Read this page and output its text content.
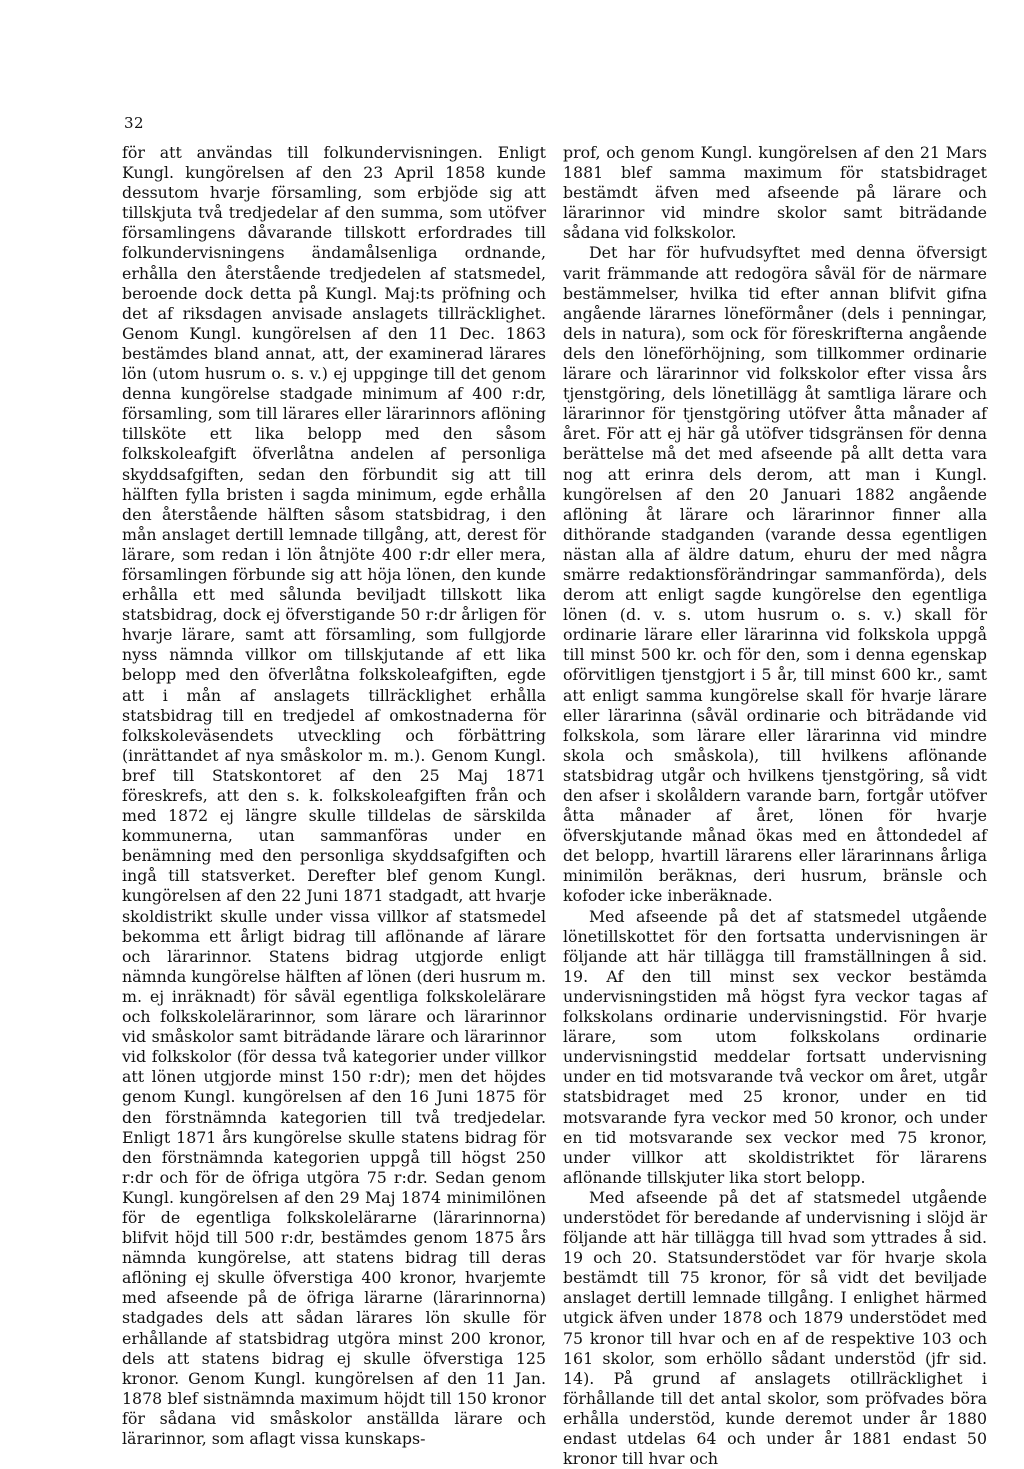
32

för att användas till folkundervisningen. Enligt Kungl. kungörelsen af den 23 April 1858 kunde dessutom hvarje församling, som erbjöde sig att tillskjuta två tredjedelar af den summa, som utöfver församlingens dåvarande tillskott erfordrades till folkundervisningens ändamålsenliga ordnande, erhålla den återstående tredjedelen af statsmedel, beroende dock detta på Kungl. Maj:ts pröfning och det af riksdagen anvisade anslagets tillräcklighet. Genom Kungl. kungörelsen af den 11 Dec. 1863 bestämdes bland annat, att, der examinerad lärares lön (utom husrum o. s. v.) ej uppginge till det genom denna kungörelse stadgade minimum af 400 r:dr, församling, som till lärares eller lärarinnors aflöning tillsköte ett lika belopp med den såsom folkskoleafgift öfverlåtna andelen af personliga skyddsafgiften, sedan den förbundit sig att till hälften fylla bristen i sagda minimum, egde erhålla den återstående hälften såsom statsbidrag, i den mån anslaget dertill lemnade tillgång, att, derest för lärare, som redan i lön åtnjöte 400 r:dr eller mera, församlingen förbunde sig att höja lönen, den kunde erhålla ett med sålunda beviljadt tillskott lika statsbidrag, dock ej öfverstigande 50 r:dr årligen för hvarje lärare, samt att församling, som fullgjorde nyss nämnda villkor om tillskjutande af ett lika belopp med den öfverlåtna folkskoleafgiften, egde att i mån af anslagets tillräcklighet erhålla statsbidrag till en tredjedel af omkostnaderna för folkskoleväsendets utveckling och förbättring (inrättandet af nya småskolor m. m.). Genom Kungl. bref till Statskontoret af den 25 Maj 1871 föreskrefs, att den s. k. folkskoleafgiften från och med 1872 ej längre skulle tilldelas de särskilda kommunerna, utan sammanföras under en benämning med den personliga skyddsafgiften och ingå till statsverket. Derefter blef genom Kungl. kungörelsen af den 22 Juni 1871 stadgadt, att hvarje skoldistrikt skulle under vissa villkor af statsmedel bekomma ett årligt bidrag till aflönande af lärare och lärarinnor. Statens bidrag utgjorde enligt nämnda kungörelse hälften af lönen (deri husrum m. m. ej inräknadt) för såväl egentliga folkskolelärare och folkskolelärarinnor, som lärare och lärarinnor vid småskolor samt biträdande lärare och lärarinnor vid folkskolor (för dessa två kategorier under villkor att lönen utgjorde minst 150 r:dr); men det höjdes genom Kungl. kungörelsen af den 16 Juni 1875 för den förstnämnda kategorien till två tredjedelar. Enligt 1871 års kungörelse skulle statens bidrag för den förstnämnda kategorien uppgå till högst 250 r:dr och för de öfriga utgöra 75 r:dr. Sedan genom Kungl. kungörelsen af den 29 Maj 1874 minimilönen för de egentliga folkskolelärarne (lärarinnorna) blifvit höjd till 500 r:dr, bestämdes genom 1875 års nämnda kungörelse, att statens bidrag till deras aflöning ej skulle öfverstiga 400 kronor, hvarjemte med afseende på de öfriga lärarne (lärarinnorna) stadgades dels att sådan lärares lön skulle för erhållande af statsbidrag utgöra minst 200 kronor, dels att statens bidrag ej skulle öfverstiga 125 kronor. Genom Kungl. kungörelsen af den 11 Jan. 1878 blef sistnämnda maximum höjdt till 150 kronor för sådana vid småskolor anställda lärare och lärarinnor, som aflagt vissa kunskaps-

prof, och genom Kungl. kungörelsen af den 21 Mars 1881 blef samma maximum för statsbidraget bestämdt äfven med afseende på lärare och lärarinnor vid mindre skolor samt biträdande sådana vid folkskolor.

Det har för hufvudsyftet med denna öfversigt varit främmande att redogöra såväl för de närmare bestämmelser, hvilka tid efter annan blifvit gifna angående lärarnes löneförmåner (dels i penningar, dels in natura), som ock för föreskrifterna angående dels den löneförhöjning, som tillkommer ordinarie lärare och lärarinnor vid folkskolor efter vissa års tjenstgöring, dels lönetillägg åt samtliga lärare och lärarinnor för tjenstgöring utöfver åtta månader af året. För att ej här gå utöfver tidsgränsen för denna berättelse må det med afseende på allt detta vara nog att erinra dels derom, att man i Kungl. kungörelsen af den 20 Januari 1882 angående aflöning åt lärare och lärarinnor finner alla dithörande stadganden (varande dessa egentligen nästan alla af äldre datum, ehuru der med några smärre redaktionsförändringar sammanförda), dels derom att enligt sagde kungörelse den egentliga lönen (d. v. s. utom husrum o. s. v.) skall för ordinarie lärare eller lärarinna vid folkskola uppgå till minst 500 kr. och för den, som i denna egenskap oförvitligen tjenstgjort i 5 år, till minst 600 kr., samt att enligt samma kungörelse skall för hvarje lärare eller lärarinna (såväl ordinarie och biträdande vid folkskola, som lärare eller lärarinna vid mindre skola och småskola), till hvilkens aflönande statsbidrag utgår och hvilkens tjenstgöring, så vidt den afser i skolåldern varande barn, fortgår utöfver åtta månader af året, lönen för hvarje öfverskjutande månad ökas med en åttondedel af det belopp, hvartill lärarens eller lärarinnans årliga minimilön beräknas, deri husrum, bränsle och kofoder icke inberäknade.

Med afseende på det af statsmedel utgående lönetillskottet för den fortsatta undervisningen är följande att här tillägga till framställningen å sid. 19. Af den till minst sex veckor bestämda undervisningstiden må högst fyra veckor tagas af folkskolans ordinarie undervisningstid. För hvarje lärare, som utom folkskolans ordinarie undervisningstid meddelar fortsatt undervisning under en tid motsvarande två veckor om året, utgår statsbidraget med 25 kronor, under en tid motsvarande fyra veckor med 50 kronor, och under en tid motsvarande sex veckor med 75 kronor, under villkor att skoldistriktet för lärarens aflönande tillskjuter lika stort belopp.

Med afseende på det af statsmedel utgående understödet för beredande af undervisning i slöjd är följande att här tillägga till hvad som yttrades å sid. 19 och 20. Statsunderstödet var för hvarje skola bestämdt till 75 kronor, för så vidt det beviljade anslaget dertill lemnade tillgång. I enlighet härmed utgick äfven under 1878 och 1879 understödet med 75 kronor till hvar och en af de respektive 103 och 161 skolor, som erhöllo sådant understöd (jfr sid. 14). På grund af anslagets otillräcklighet i förhållande till det antal skolor, som pröfvades böra erhålla understöd, kunde deremot under år 1880 endast utdelas 64 och under år 1881 endast 50 kronor till hvar och
